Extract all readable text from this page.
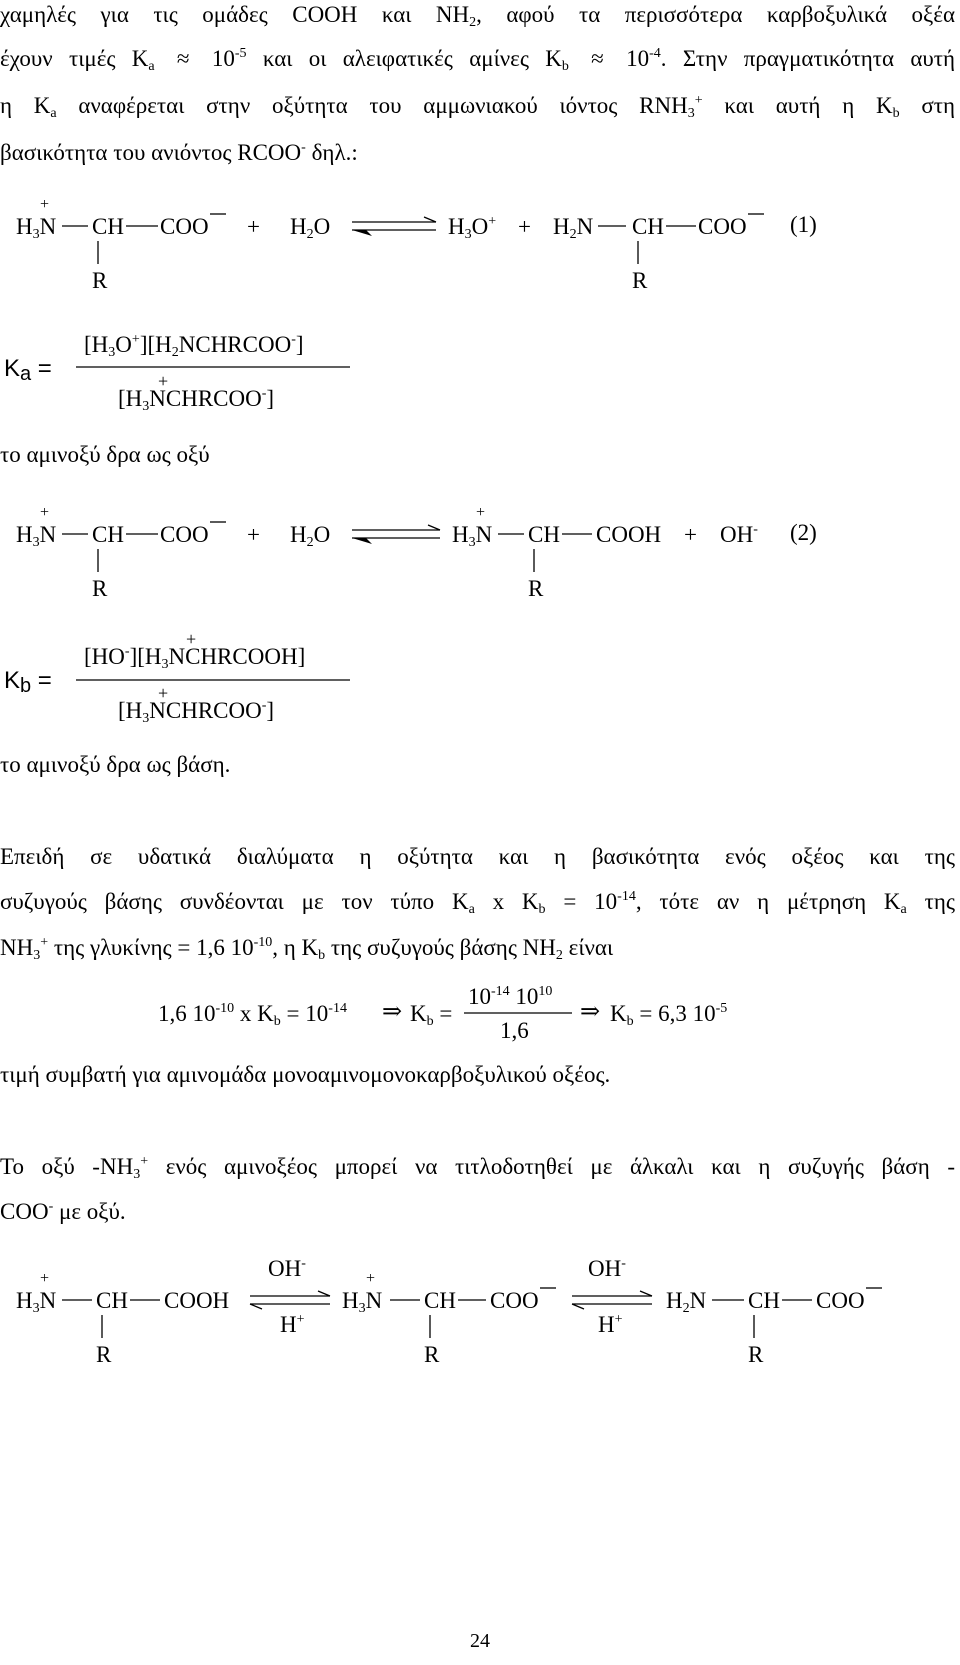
χαμηλές για τις ομάδες COOH και $NH_2$, αφού τα περισσότερα καρβοξυλικά οξέα
έχουν τιμές $K_a \approx 10^{-5}$ και οι αλειφατικές αμίνες $K_b \approx 10^{-4}$. Στην πραγματικότητα αυτή
η $K_a$ αναφέρεται στην οξύτητα του αμμωνιακού ιόντος $RNH_3^+$ και αυτή η $K_b$ στη
βασικότητα του ανιόντος RCOO- δηλ.:
+
$H_3N$ CH COO + $H_2O$	$H_3O^+ + H_2N$ CH COO (1)
R	R
Ka =
$[H_3O^+][H_2NCHRCOO^-]$
+
$[H_3NCHRCOO^-]$
το αμινοξύ δρα ως οξύ
+
$H_3N$ CH COO + $H_2O$
+
$H_3N$ CH COOH + OH- (2)
R	R
Kb =
+
$[HO^-][H_3NCHRCOOH]$
+
$[H_3NCHRCOO^-]$
το αμινοξύ δρα ως βάση.
Επειδή σε υδατικά διαλύματα η οξύτητα και η βασικότητα ενός οξέος και της
συζυγούς βάσης συνδέονται με τον τύπο $K_a$ x $K_b = 10^{-14}$, τότε αν η μέτρηση $K_a$ της
$NH_3^+$ της γλυκίνης = 1,6 $10^{-10}$, η $K_b$ της συζυγούς βάσης $NH_2$ είναι
1,6 $10^{-10}$ x $K_b = 10^{-14}$ ⇒ $K_b$ =
$10^{-14}$ $10^{10}$
1,6
⇒ $K_b = 6,3$ $10^{-5}$
τιμή συμβατή για αμινομάδα μονοαμινομονοκαρβοξυλικού οξέος.
Το οξύ $-NH_3^+$ ενός αμινοξέος μπορεί να τιτλοδοτηθεί με άλκαλι και η συζυγής βάση -
COO- με οξύ.
+
$H_3N$ CH COOH
R
OH-
H+
+
$H_3N$ CH COO
R
OH-
H+
$H_2N$ CH COO
R
24
